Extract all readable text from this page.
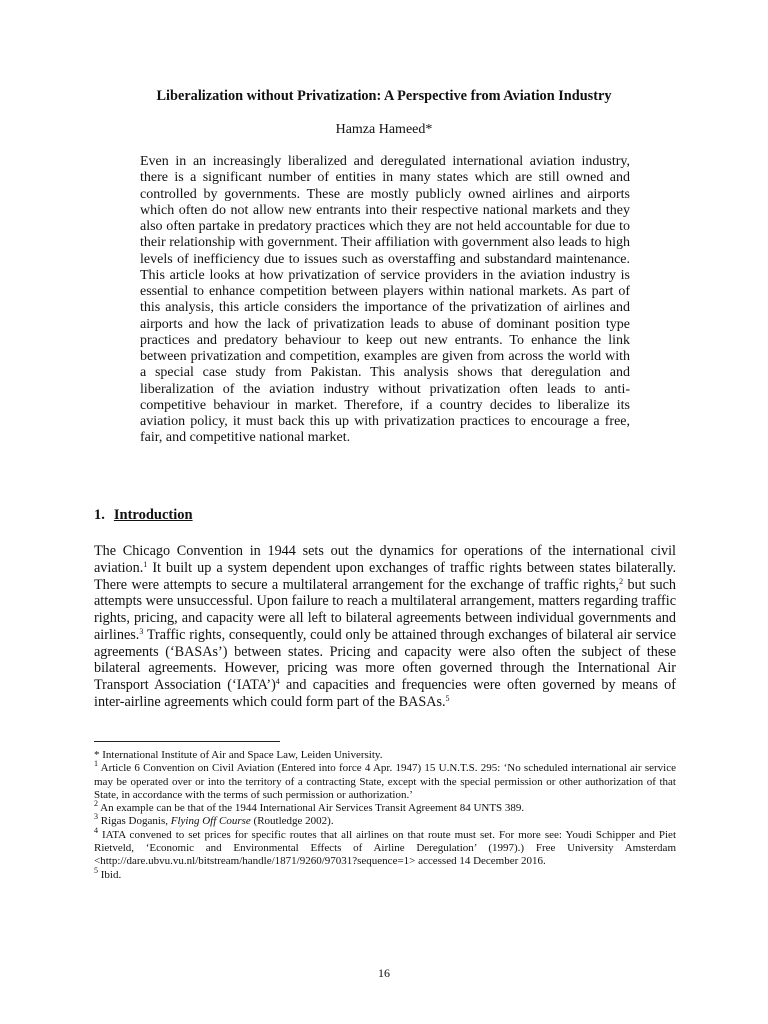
Liberalization without Privatization: A Perspective from Aviation Industry
Hamza Hameed*

Even in an increasingly liberalized and deregulated international aviation industry, there is a significant number of entities in many states which are still owned and controlled by governments. These are mostly publicly owned airlines and airports which often do not allow new entrants into their respective national markets and they also often partake in predatory practices which they are not held accountable for due to their relationship with government. Their affiliation with government also leads to high levels of inefficiency due to issues such as overstaffing and substandard maintenance. This article looks at how privatization of service providers in the aviation industry is essential to enhance competition between players within national markets. As part of this analysis, this article considers the importance of the privatization of airlines and airports and how the lack of privatization leads to abuse of dominant position type practices and predatory behaviour to keep out new entrants. To enhance the link between privatization and competition, examples are given from across the world with a special case study from Pakistan. This analysis shows that deregulation and liberalization of the aviation industry without privatization often leads to anti-competitive behaviour in market. Therefore, if a country decides to liberalize its aviation policy, it must back this up with privatization practices to encourage a free, fair, and competitive national market.

1. Introduction

The Chicago Convention in 1944 sets out the dynamics for operations of the international civil aviation.$^1$ It built up a system dependent upon exchanges of traffic rights between states bilaterally. There were attempts to secure a multilateral arrangement for the exchange of traffic rights,$^2$ but such attempts were unsuccessful. Upon failure to reach a multilateral arrangement, matters regarding traffic rights, pricing, and capacity were all left to bilateral agreements between individual governments and airlines.$^3$ Traffic rights, consequently, could only be attained through exchanges of bilateral air service agreements (‘BASAs’) between states. Pricing and capacity were also often the subject of these bilateral agreements. However, pricing was more often governed through the International Air Transport Association (‘IATA’)$^4$ and capacities and frequencies were often governed by means of inter-airline agreements which could form part of the BASAs.$^5$

* International Institute of Air and Space Law, Leiden University.

$^1$ Article 6 Convention on Civil Aviation (Entered into force 4 Apr. 1947) 15 U.N.T.S. 295: ‘No scheduled international air service may be operated over or into the territory of a contracting State, except with the special permission or other authorization of that State, in accordance with the terms of such permission or authorization.’

$^2$ An example can be that of the 1944 International Air Services Transit Agreement 84 UNTS 389.

$^3$ Rigas Doganis, Flying Off Course (Routledge 2002).

$^4$ IATA convened to set prices for specific routes that all airlines on that route must set. For more see: Youdi Schipper and Piet Rietveld, ‘Economic and Environmental Effects of Airline Deregulation’ (1997).) Free University Amsterdam <http://dare.ubvu.vu.nl/bitstream/handle/1871/9260/97031?sequence=1> accessed 14 December 2016.

$^5$ Ibid.

16
